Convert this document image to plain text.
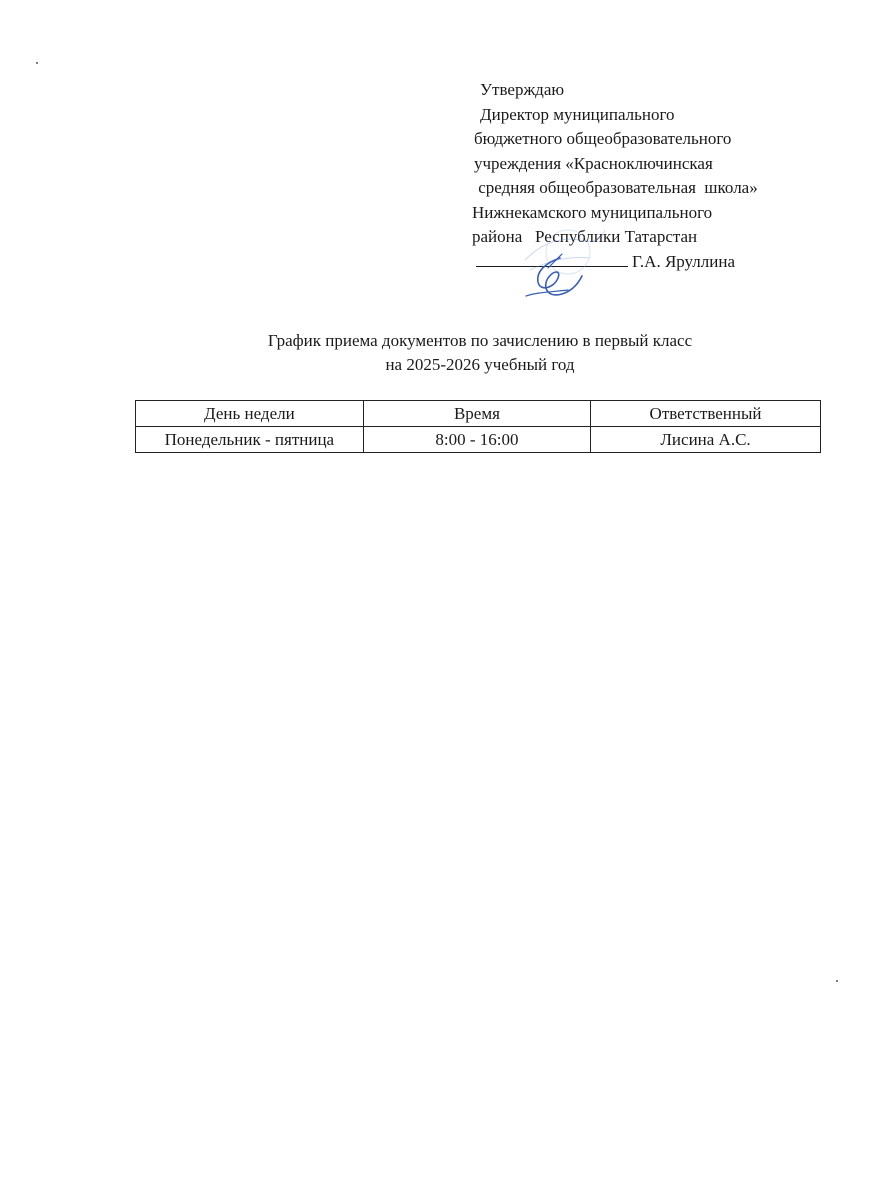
Утверждаю
Директор муниципального
бюджетного общеобразовательного
учреждения «Красноключинская
средняя общеобразовательная  школа»
Нижнекамского муниципального
района   Республики Татарстан
Г.А. Яруллина
График приема документов по зачислению в первый класс
на 2025-2026 учебный год
День недели	Время	Ответственный
Понедельник - пятница	8:00 - 16:00	Лисина А.С.
